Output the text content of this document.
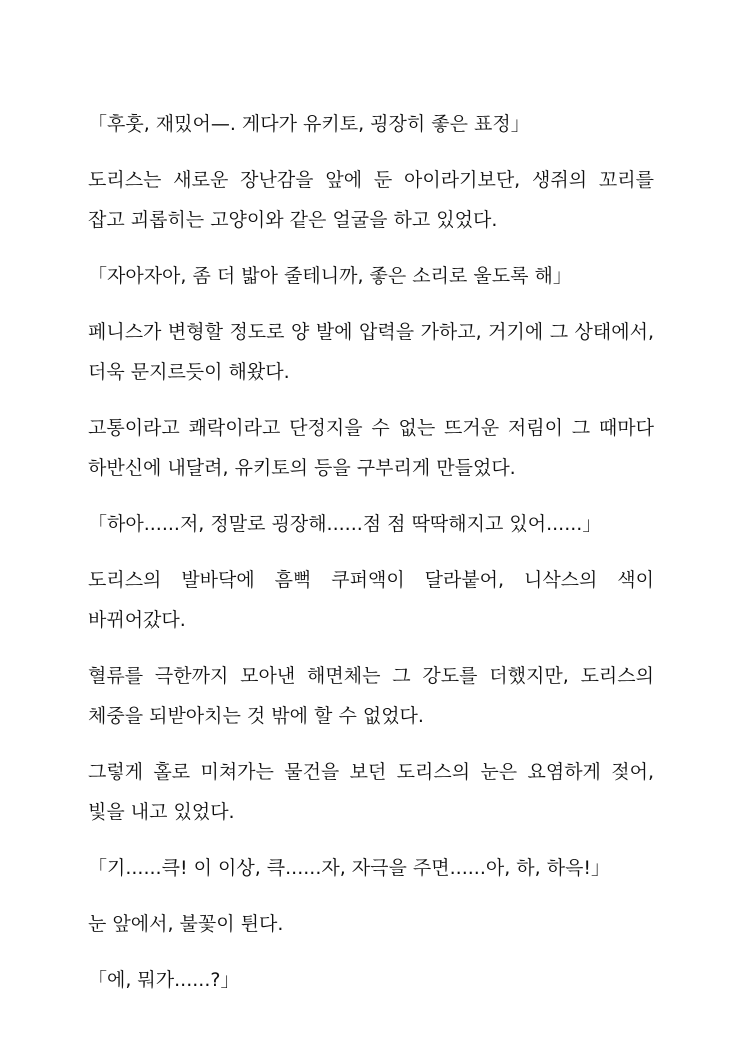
「후훗, 재밌어—. 게다가 유키토, 굉장히 좋은 표정」

도리스는 새로운 장난감을 앞에 둔 아이라기보단, 생쥐의 꼬리를 잡고 괴롭히는 고양이와 같은 얼굴을 하고 있었다.

「자아자아, 좀 더 밟아 줄테니까, 좋은 소리로 울도록 해」

페니스가 변형할 정도로 양 발에 압력을 가하고, 거기에 그 상태에서, 더욱 문지르듯이 해왔다.

고통이라고 쾌락이라고 단정지을 수 없는 뜨거운 저림이 그 때마다 하반신에 내달려, 유키토의 등을 구부리게 만들었다.

「하아......저, 정말로 굉장해......점 점 딱딱해지고 있어......」

도리스의 발바닥에 흠뻑 쿠퍼액이 달라붙어, 니삭스의 색이 바뀌어갔다.

혈류를 극한까지 모아낸 해면체는 그 강도를 더했지만, 도리스의 체중을 되받아치는 것 밖에 할 수 없었다.

그렇게 홀로 미쳐가는 물건을 보던 도리스의 눈은 요염하게 젖어, 빛을 내고 있었다.

「기......큭! 이 이상, 큭......자, 자극을 주면......아, 하, 하윽!」

눈 앞에서, 불꽃이 튄다.

「에, 뭐가......?」
